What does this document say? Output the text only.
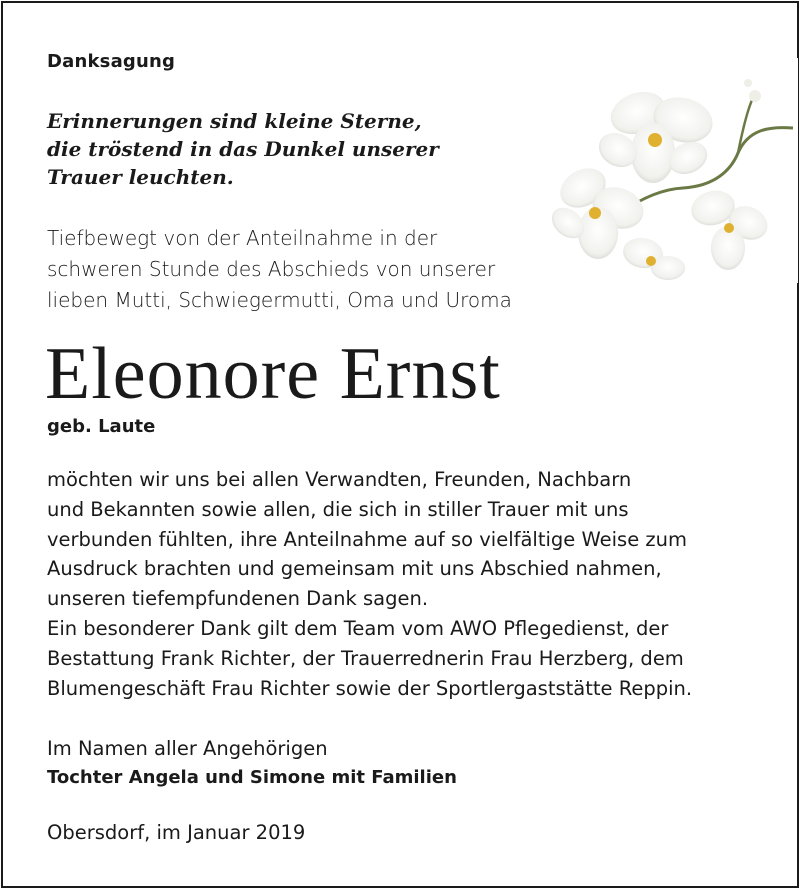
Danksagung
Erinnerungen sind kleine Sterne,
die tröstend in das Dunkel unserer
Trauer leuchten.
Tiefbewegt von der Anteilnahme in der
schweren Stunde des Abschieds von unserer
lieben Mutti, Schwiegermutti, Oma und Uroma
Eleonore Ernst
geb. Laute
möchten wir uns bei allen Verwandten, Freunden, Nachbarn
und Bekannten sowie allen, die sich in stiller Trauer mit uns
verbunden fühlten, ihre Anteilnahme auf so vielfältige Weise zum
Ausdruck brachten und gemeinsam mit uns Abschied nahmen,
unseren tiefempfundenen Dank sagen.
Ein besonderer Dank gilt dem Team vom AWO Pflegedienst, der
Bestattung Frank Richter, der Trauerrednerin Frau Herzberg, dem
Blumengeschäft Frau Richter sowie der Sportlergaststätte Reppin.
Im Namen aller Angehörigen
Tochter Angela und Simone mit Familien
Obersdorf, im Januar 2019
